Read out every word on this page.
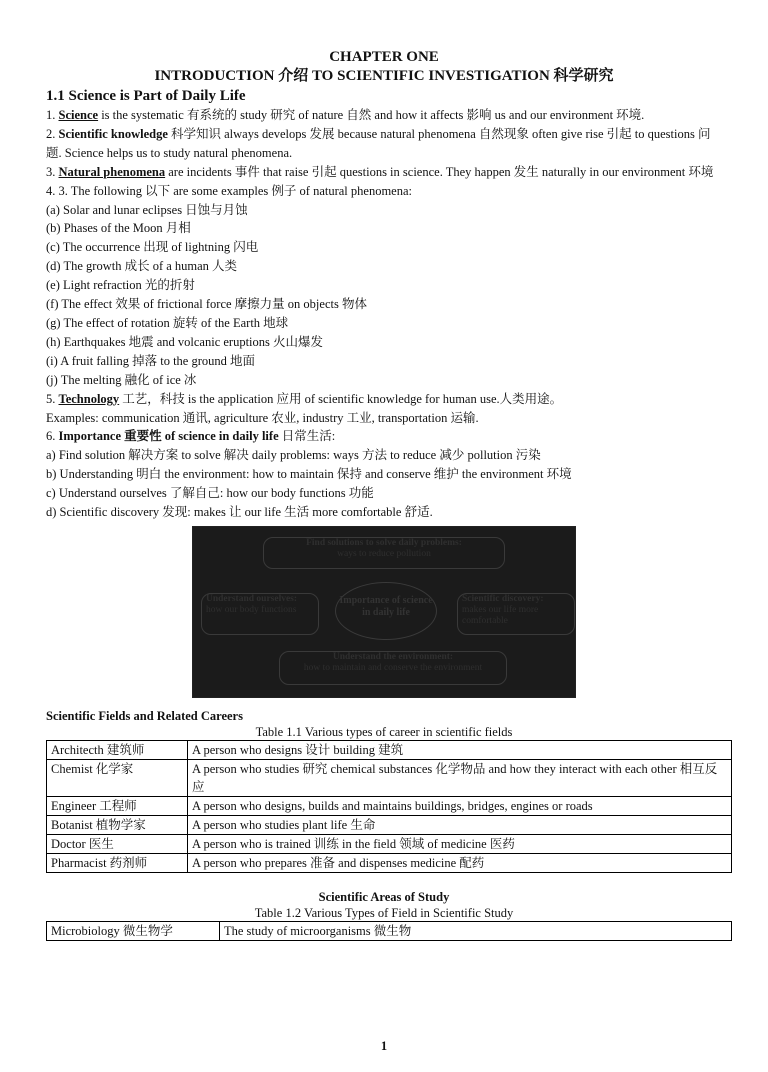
CHAPTER ONE
INTRODUCTION 介绍 TO SCIENTIFIC INVESTIGATION 科学研究
1.1 Science is Part of Daily Life
1. Science is the systematic 有系统的 study 研究 of nature 自然 and how it affects 影响 us and our environment 环境.
2. Scientific knowledge 科学知识 always develops 发展 because natural phenomena 自然现象 often give rise 引起 to questions 问题. Science helps us to study natural phenomena.
3. Natural phenomena are incidents 事件 that raise 引起 questions in science. They happen 发生 naturally in our environment 环境
4. 3. The following 以下 are some examples 例子 of natural phenomena:
(a) Solar and lunar eclipses 日蚀与月蚀
(b) Phases of the Moon 月相
(c) The occurrence 出现 of lightning 闪电
(d) The growth 成长 of a human 人类
(e) Light refraction 光的折射
(f) The effect 效果 of frictional force 摩擦力量 on objects 物体
(g) The effect of rotation 旋转 of the Earth 地球
(h) Earthquakes 地震 and volcanic eruptions 火山爆发
(i) A fruit falling 掉落 to the ground 地面
(j) The melting 融化 of ice 冰
5. Technology 工艺，科技 is the application 应用 of scientific knowledge for human use.人类用途。
Examples: communication 通讯, agriculture 农业, industry 工业, transportation 运输.
6. Importance 重要性 of science in daily life 日常生活:
a) Find solution 解决方案 to solve 解决 daily problems: ways 方法 to reduce 减少 pollution 污染
b) Understanding 明白 the environment: how to maintain 保持 and conserve 维护 the environment 环境
c) Understand ourselves 了解自己: how our body functions 功能
d) Scientific discovery 发现: makes 让 our life 生活 more comfortable 舒适.
Find solutions to solve daily problems:
ways to reduce pollution
Understand ourselves:
how our body functions
Importance of science in daily life
Scientific discovery:
makes our life more comfortable
Understand the environment:
how to maintain and conserve the environment
Scientific Fields and Related Careers
Table 1.1 Various types of career in scientific fields
Architecth 建筑师	A person who designs 设计 building 建筑
Chemist 化学家	A person who studies 研究 chemical substances 化学物品 and how they interact with each other 相互反应
Engineer 工程师	A person who designs, builds and maintains buildings, bridges, engines or roads
Botanist 植物学家	A person who studies plant life 生命
Doctor 医生	A person who is trained 训练 in the field 领域 of medicine 医药
Pharmacist 药剂师	A person who prepares 准备 and dispenses medicine 配药
Scientific Areas of Study
Table 1.2 Various Types of Field in Scientific Study
Microbiology 微生物学	The study of microorganisms 微生物
1
